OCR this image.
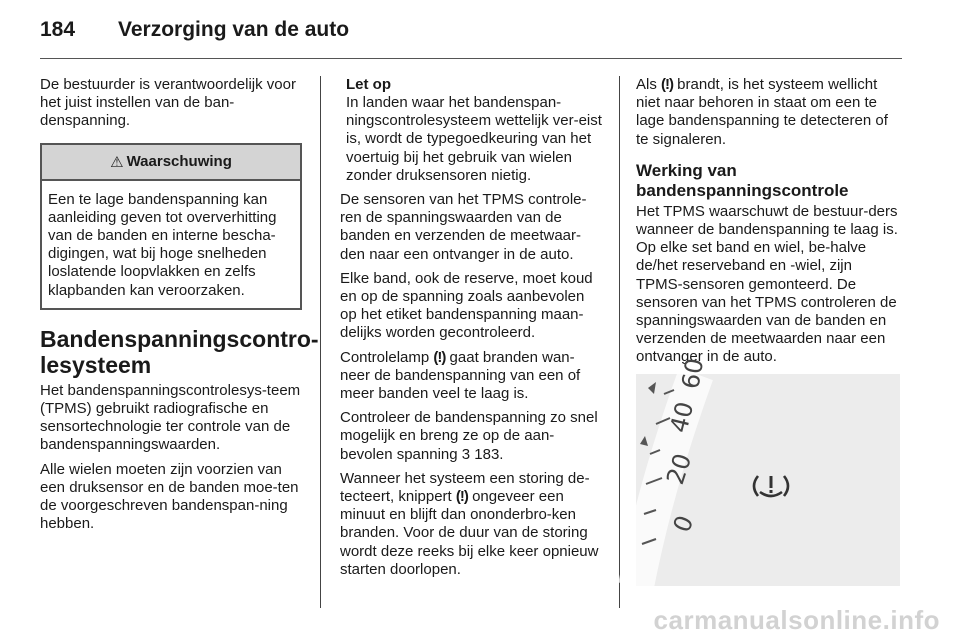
184 Verzorging van de auto

De bestuurder is verantwoordelijk voor het juist instellen van de ban-denspanning.

⚠ Waarschuwing

Een te lage bandenspanning kan aanleiding geven tot oververhitting van de banden en interne bescha-digingen, wat bij hoge snelheden loslatende loopvlakken en zelfs klapbanden kan veroorzaken.

Bandenspanningscontro-lesysteem

Het bandenspanningscontrolesys-teem (TPMS) gebruikt radiografische en sensortechnologie ter controle van de bandenspanningswaarden.

Alle wielen moeten zijn voorzien van een druksensor en de banden moe-ten de voorgeschreven bandenspan-ning hebben.

Let op

In landen waar het bandenspan-ningscontrolesysteem wettelijk ver-eist is, wordt de typegoedkeuring van het voertuig bij het gebruik van wielen zonder druksensoren nietig.

De sensoren van het TPMS controle-ren de spanningswaarden van de banden en verzenden de meetwaar-den naar een ontvanger in de auto.

Elke band, ook de reserve, moet koud en op de spanning zoals aanbevolen op het etiket bandenspanning maan-delijks worden gecontroleerd.

Controlelamp (!) gaat branden wan-neer de bandenspanning van een of meer banden veel te laag is.

Controleer de bandenspanning zo snel mogelijk en breng ze op de aan-bevolen spanning 3 183.

Wanneer het systeem een storing de-tecteert, knippert (!) ongeveer een minuut en blijft dan ononderbro-ken branden. Voor de duur van de storing wordt deze reeks bij elke keer opnieuw starten doorlopen.

Als (!) brandt, is het systeem wellicht niet naar behoren in staat om een te lage bandenspanning te detecteren of te signaleren.

Werking van bandenspanningscontrole

Het TPMS waarschuwt de bestuur-ders wanneer de bandenspanning te laag is. Op elke set band en wiel, be-halve de/het reserveband en -wiel, zijn TPMS-sensoren gemonteerd. De sensoren van het TPMS controleren de spanningswaarden van de banden en verzenden de meetwaarden naar een ontvanger in de auto.

0
20
40
60
carmanualsonline.info
